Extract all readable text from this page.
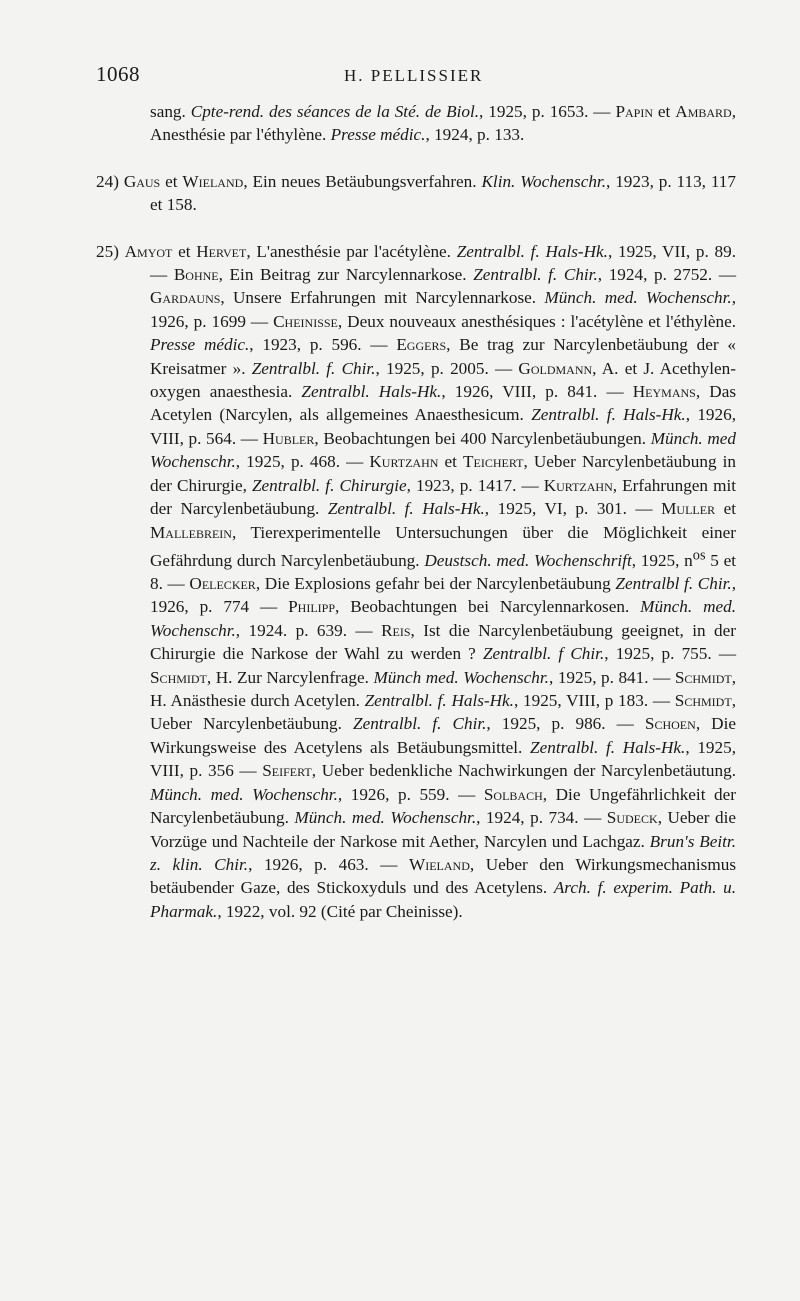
1068	H. PELLISSIER

sang. Cpte-rend. des séances de la Sté. de Biol., 1925, p. 1653. — Papin et Ambard, Anesthésie par l'éthylène. Presse médic., 1924, p. 133.

24) Gaus et Wieland, Ein neues Betäubungsverfahren. Klin. Wochenschr., 1923, p. 113, 117 et 158.

25) Amyot et Hervet, L'anesthésie par l'acétylène. Zentralbl. f. Hals-Hk., 1925, VII, p. 89. — Bohne, Ein Beitrag zur Narcylennarkose. Zentralbl. f. Chir., 1924, p. 2752. — Gardauns, Unsere Erfahrungen mit Narcylennarkose. Münch. med. Wochenschr., 1926, p. 1699 — Cheinisse, Deux nouveaux anesthésiques : l'acétylène et l'éthylène. Presse médic., 1923, p. 596. — Eggers, Be trag zur Narcylenbetäubung der « Kreisatmer ». Zentralbl. f. Chir., 1925, p. 2005. — Goldmann, A. et J. Acethylen-oxygen anaesthesia. Zentralbl. Hals-Hk., 1926, VIII, p. 841. — Heymans, Das Acetylen (Narcylen, als allgemeines Anaesthesicum. Zentralbl. f. Hals-Hk., 1926, VIII, p. 564. — Hubler, Beobachtungen bei 400 Narcylenbetäubungen. Münch. med Wochenschr., 1925, p. 468. — Kurtzahn et Teichert, Ueber Narcylenbetäubung in der Chirurgie, Zentralbl. f. Chirurgie, 1923, p. 1417. — Kurtzahn, Erfahrungen mit der Narcylenbetäubung. Zentralbl. f. Hals-Hk., 1925, VI, p. 301. — Muller et Mallebrein, Tierexperimentelle Untersuchungen über die Möglichkeit einer Gefährdung durch Narcylenbetäubung. Deustsch. med. Wochenschrift, 1925, $n^{os}$ 5 et 8. — Oelecker, Die Explosions gefahr bei der Narcylenbetäubung Zentralbl f. Chir., 1926, p. 774 — Philipp, Beobachtungen bei Narcylennarkosen. Münch. med. Wochenschr., 1924. p. 639. — Reis, Ist die Narcylenbetäubung geeignet, in der Chirurgie die Narkose der Wahl zu werden ? Zentralbl. f Chir., 1925, p. 755. — Schmidt, H. Zur Narcylenfrage. Münch med. Wochenschr., 1925, p. 841. — Schmidt, H. Anästhesie durch Acetylen. Zentralbl. f. Hals-Hk., 1925, VIII, p 183. — Schmidt, Ueber Narcylenbetäubung. Zentralbl. f. Chir., 1925, p. 986. — Schoen, Die Wirkungsweise des Acetylens als Betäubungsmittel. Zentralbl. f. Hals-Hk., 1925, VIII, p. 356 — Seifert, Ueber bedenkliche Nachwirkungen der Narcylenbetäutung. Münch. med. Wochenschr., 1926, p. 559. — Solbach, Die Ungefährlichkeit der Narcylenbetäubung. Münch. med. Wochenschr., 1924, p. 734. — Sudeck, Ueber die Vorzüge und Nachteile der Narkose mit Aether, Narcylen und Lachgaz. Brun's Beitr. z. klin. Chir., 1926, p. 463. — Wieland, Ueber den Wirkungsmechanismus betäubender Gaze, des Stickoxyduls und des Acetylens. Arch. f. experim. Path. u. Pharmak., 1922, vol. 92 (Cité par Cheinisse).
